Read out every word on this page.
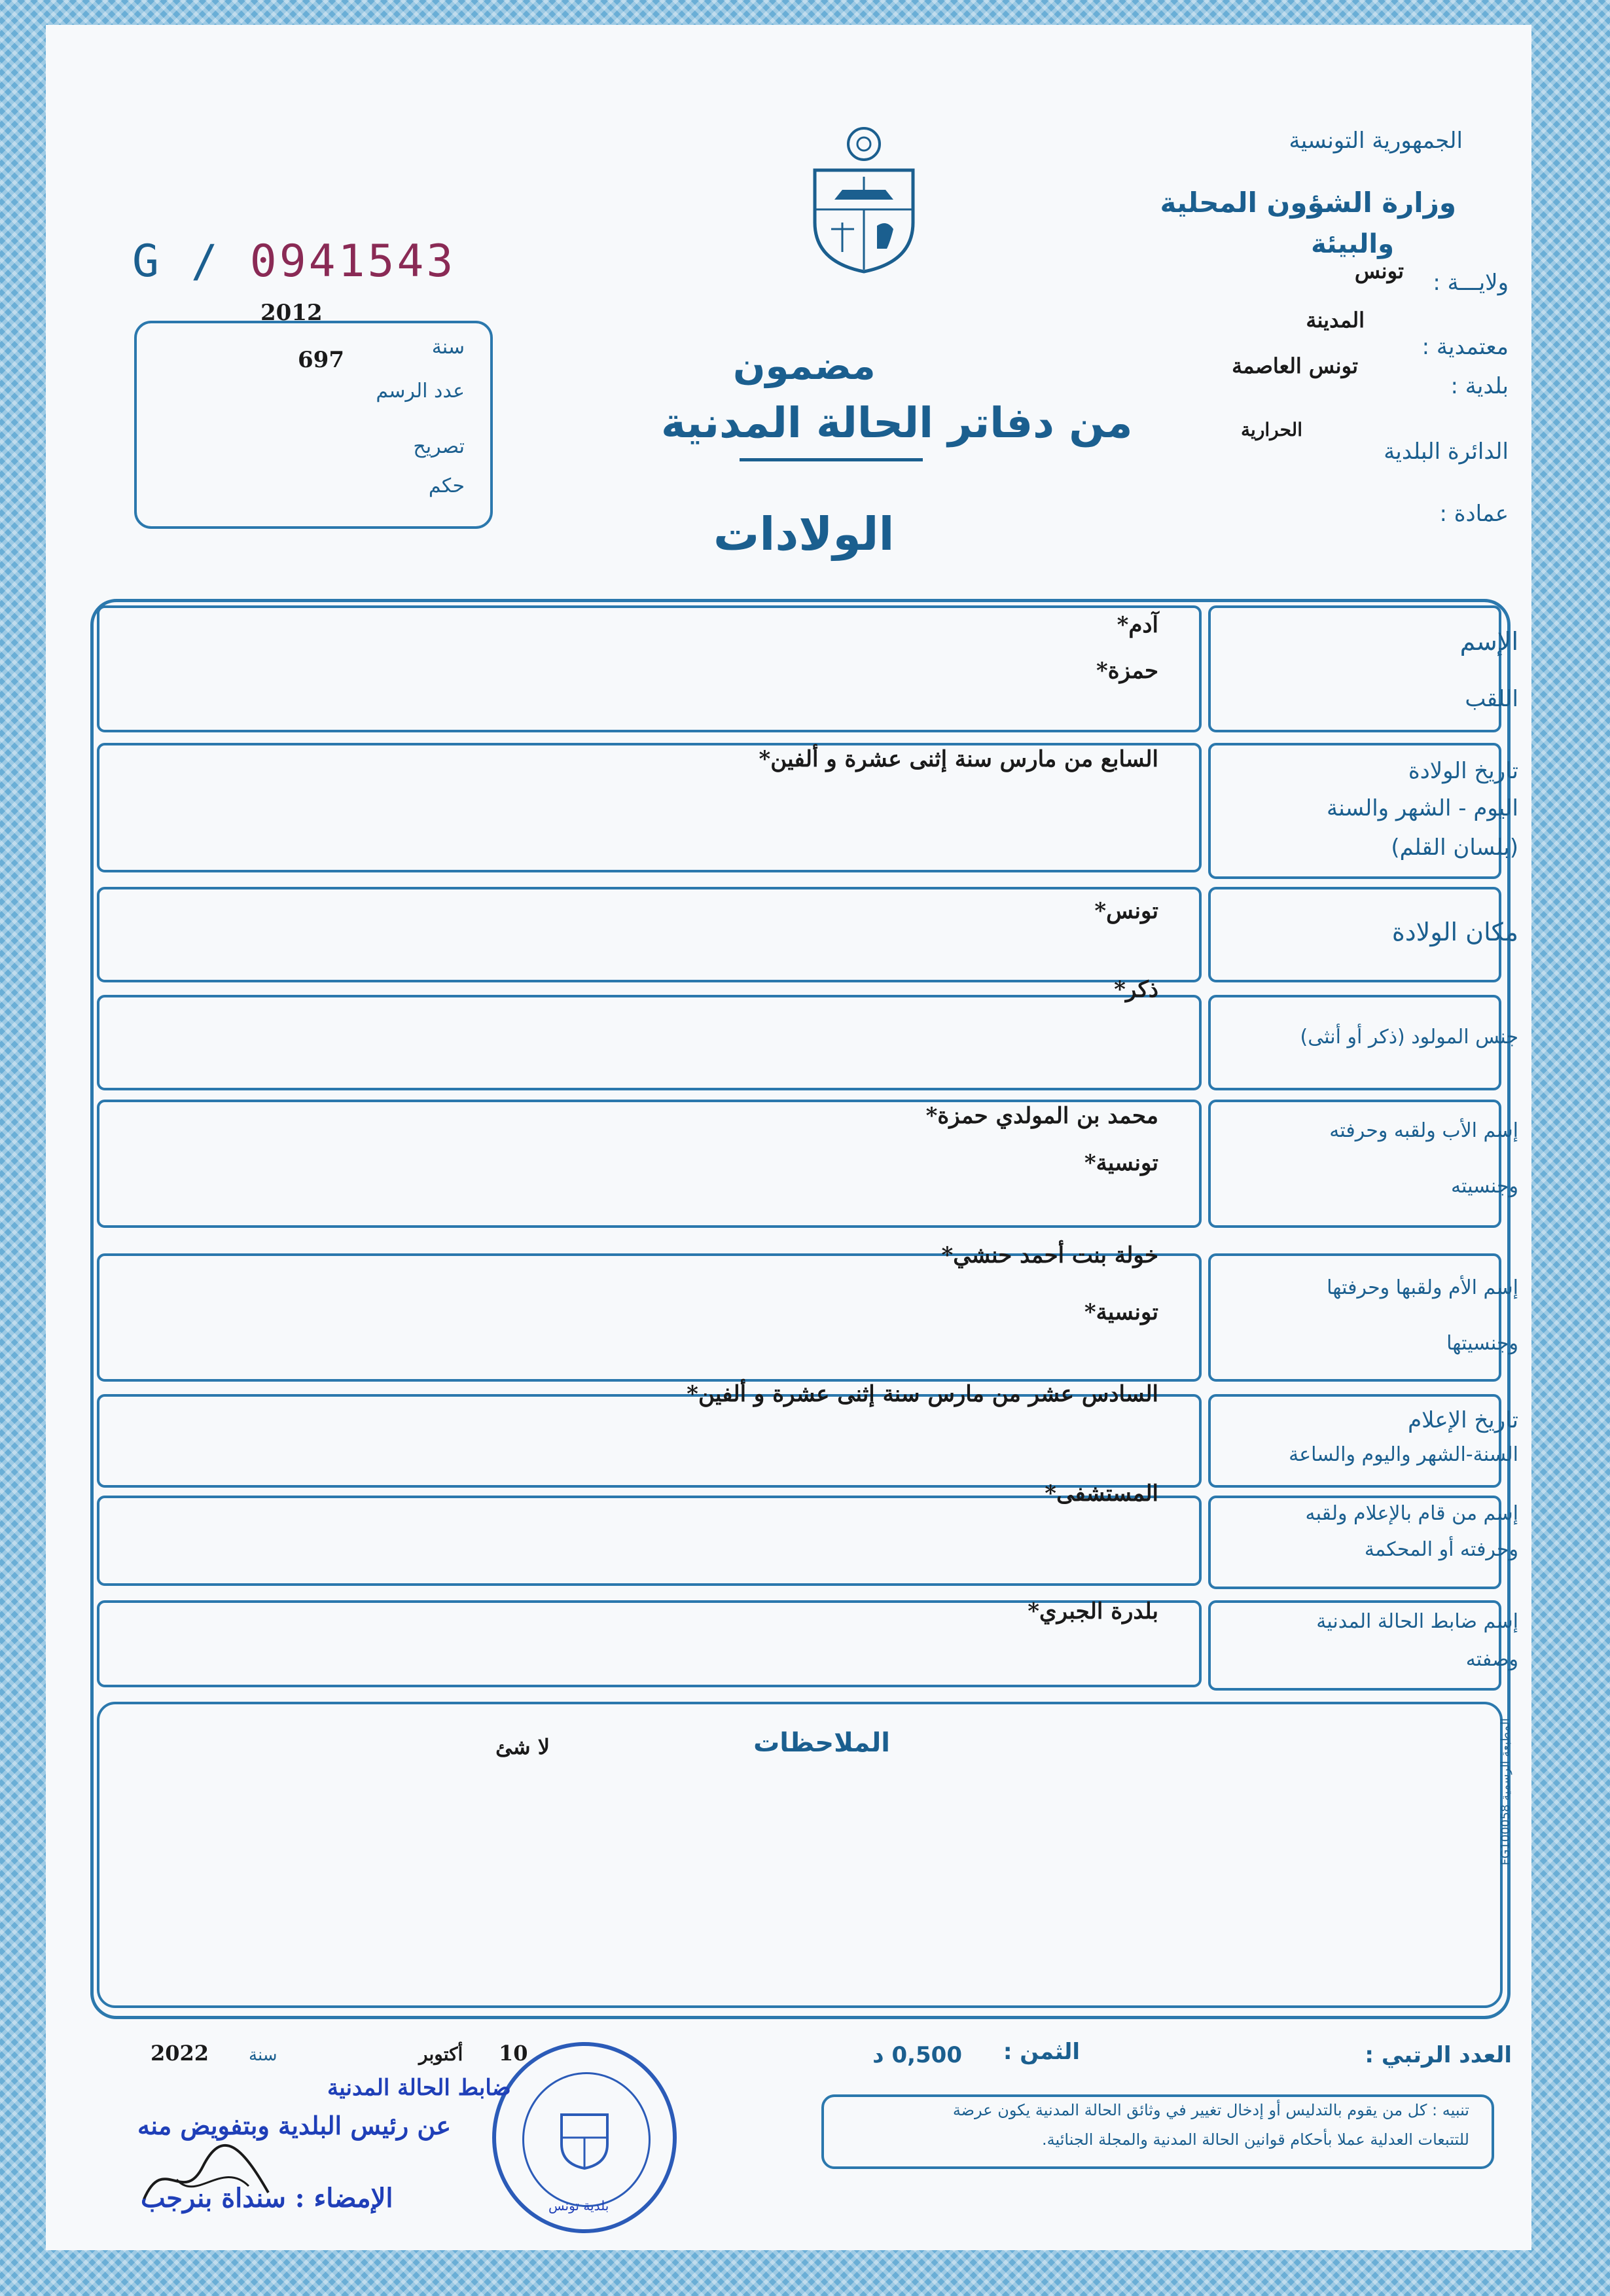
الجمهورية التونسية
وزارة الشؤون المحلية
والبيئة
ولايـــة :
تونس
معتمدية :
المدينة
بلدية :
تونس العاصمة
الدائرة البلدية
الحرارية
عمادة :
G / 0941543
2012
697	سنة
عدد الرسم
تصريح
حكم
مضمون
من دفاتر الحالة المدنية
الولادات
الإسم
اللقب
آدم*
حمزة*
تاريخ الولادة
اليوم - الشهر والسنة
(بلسان القلم)
السابع من مارس سنة إثنى عشرة و ألفين*
مكان الولادة
تونس*
جنس المولود (ذكر أو أنثى)
ذكر*
إسم الأب ولقبه وحرفته
وجنسيته
محمد بن المولدي حمزة*
تونسية*
إسم الأم ولقبها وحرفتها
وجنسيتها
خولة بنت أحمد حنشي*
تونسية*
تاريخ الإعلام
السنة-الشهر واليوم والساعة
السادس عشر من مارس سنة إثنى عشرة و ألفين*
إسم من قام بالإعلام ولقبه
وحرفته أو المحكمة
المستشفى*
إسم ضابط الحالة المدنية
وصفته
بلدرة الجبري*
الملاحظات
لا شئ
المطبعة الرسمية FG100058
العدد الرتبي :
الثمن :
0,500 د
10
أكتوبر
سنة
2022
تنبيه : كل من يقوم بالتدليس أو إدخال تغيير في وثائق الحالة المدنية يكون عرضة
للتتبعات العدلية عملا بأحكام قوانين الحالة المدنية والمجلة الجنائية.
بلدية تونس
ضابط الحالة المدنية
عن رئيس البلدية وبتفويض منه
الإمضاء : سنداة بنرجب
